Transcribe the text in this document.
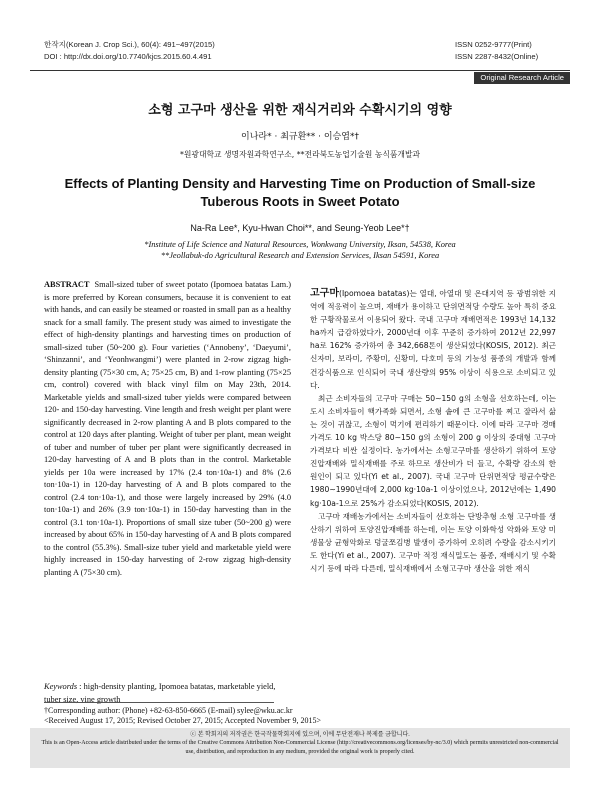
한작지(Korean J. Crop Sci.), 60(4): 491~497(2015)
DOI : http://dx.doi.org/10.7740/kjcs.2015.60.4.491
ISSN 0252-9777(Print)
ISSN 2287-8432(Online)
Original Research Article
소형 고구마 생산을 위한 재식거리와 수확시기의 영향
이나라* · 최규환** · 이승엽*†
*원광대학교 생명자원과학연구소, **전라북도농업기술원 농식품개발과
Effects of Planting Density and Harvesting Time on Production of Small-size
Tuberous Roots in Sweet Potato
Na-Ra Lee*, Kyu-Hwan Choi**, and Seung-Yeob Lee*†
*Institute of Life Science and Natural Resources, Wonkwang University, Iksan, 54538, Korea
**Jeollabuk-do Agricultural Research and Extension Services, Iksan 54591, Korea
ABSTRACT Small-sized tuber of sweet potato (Ipomoea batatas Lam.) is more preferred by Korean consumers, because it is convenient to eat with hands, and can easily be steamed or roasted in small pan as a healthy snack for a small family. The present study was aimed to investigate the effect of high-density plantings and harvesting times on production of small-sized tuber (50~200 g). Four varieties (‘Annobeny’, ‘Daeyumi’, ‘Shinzanni’, and ‘Yeonhwangmi’) were planted in 2-row zigzag high-density planting (75×30 cm, A; 75×25 cm, B) and 1-row planting (75×25 cm, control) covered with black vinyl film on May 23th, 2014. Marketable yields and small-sized tuber yields were compared between 120- and 150-day harvesting. Vine length and fresh weight per plant were significantly decreased in 2-row planting A and B plots compared to the control at 120 days after planting. Weight of tuber per plant, mean weight of tuber and number of tuber per plant were significantly decreased in 120-day harvesting of A and B plots than in the control. Marketable yields per 10a were increased by 17% (2.4 ton·10a-1) and 8% (2.6 ton·10a-1) in 120-day harvesting of A and B plots compared to the control (2.4 ton·10a-1), and those were largely increased by 29% (4.0 ton·10a-1) and 26% (3.9 ton·10a-1) in 150-day harvesting than in the control (3.1 ton·10a-1). Proportions of small size tuber (50~200 g) were increased by about 65% in 150-day harvesting of A and B plots compared to the control (55.3%). Small-size tuber yield and marketable yield were highly increased in 150-day harvesting of 2-row zigzag high-density planting A (75×30 cm).
Keywords : high-density planting, Ipomoea batatas, marketable yield, tuber size, vine growth

고구마(Ipomoea batatas)는 열대, 아열대 및 온대지역 등 광범위한 지역에 적응력이 높으며, 재배가 용이하고 단위면적당 수량도 높아 특히 중요한 구황작물로서 이용되어 왔다. 국내 고구마 재배면적은 1993년 14,132 ha까지 급감하였다가, 2000년대 이후 꾸준히 증가하여 2012년 22,997 ha로 162% 증가하여 총 342,668톤이 생산되었다(KOSIS, 2012). 최근 신자미, 보라미, 주황미, 신황미, 다호미 등의 기능성 품종의 개발과 함께 건강식품으로 인식되어 국내 생산량의 95% 이상이 식용으로 소비되고 있다.

최근 소비자들의 고구마 구매는 50~150 g의 소형을 선호하는데, 이는 도시 소비자들이 핵가족화 되면서, 소형 솥에 큰 고구마를 찌고 잘라서 삶는 것이 귀찮고, 소형이 먹기에 편리하기 때문이다. 이에 따라 고구마 경매가격도 10 kg 박스당 80~150 g의 소형이 200 g 이상의 중대형 고구마 가격보다 비싼 실정이다. 농가에서는 소형고구마를 생산하기 위하여 토양진압재배와 밀식재배를 주로 하므로 생산비가 더 들고, 수확량 감소의 한 원인이 되고 있다(Yi et al., 2007). 국내 고구마 단위면적당 평균수량은 1980~1990년대에 2,000 kg·10a-1 이상이었으나, 2012년에는 1,490 kg·10a-1으로 25%가 감소되었다(KOSIS, 2012).

고구마 재배농가에서는 소비자들이 선호하는 단방추형 소형 고구마를 생산하기 위하여 토양진압재배를 하는데, 이는 토양 이화학성 악화와 토양 미생물상 균형악화로 덩굴쪼김병 발생이 증가하여 오히려 수량을 감소시키기도 한다(Yi et al., 2007). 고구마 적정 재식밀도는 품종, 재배시기 및 수확시기 등에 따라 다른데, 밀식재배에서 소형고구마 생산을 위한 재식

†Corresponding author: (Phone) +82-63-850-6665 (E-mail) sylee@wku.ac.kr
<Received August 17, 2015; Revised October 27, 2015; Accepted November 9, 2015>
ⓒ 본 학회지의 저작권은 한국작물학회지에 있으며, 이에 무단전재나 복제를 금합니다.
This is an Open-Access article distributed under the terms of the Creative Commons Attribution Non-Commercial License (http://creativecommons.org/licenses/by-nc/3.0) which permits unrestricted non-commercial use, distribution, and reproduction in any medium, provided the original work is properly cited.
